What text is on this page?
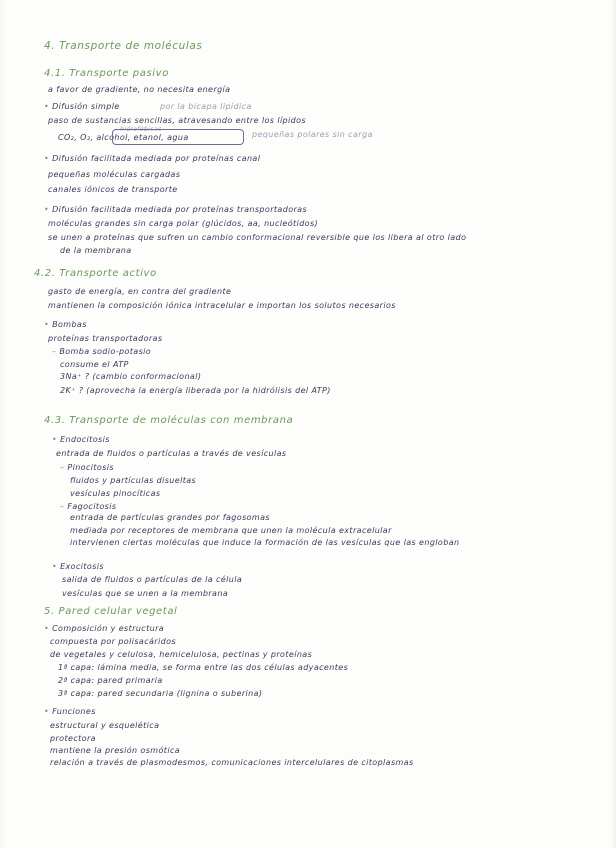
4. Transporte de moléculas
4.1. Transporte pasivo
a favor de gradiente, no necesita energía
• Difusión simple	por la bicapa lipídica
paso de sustancias sencillas, atravesando entre los lípidos
hidrofóbicas
CO₂, O₂, alcohol, etanol, agua	pequeñas polares sin carga
• Difusión facilitada mediada por proteínas canal
pequeñas moléculas cargadas
canales iónicos de transporte
• Difusión facilitada mediada por proteínas transportadoras
moléculas grandes sin carga polar (glúcidos, aa, nucleótidos)
se unen a proteínas que sufren un cambio conformacional reversible que los libera al otro lado
de la membrana
4.2. Transporte activo
gasto de energía, en contra del gradiente
mantienen la composición iónica intracelular e importan los solutos necesarios
• Bombas
proteínas transportadoras
– Bomba sodio-potasio
consume el ATP
3Na⁺ ? (cambio conformacional)
2K⁺ ? (aprovecha la energía liberada por la hidrólisis del ATP)
4.3. Transporte de moléculas con membrana
• Endocitosis
entrada de fluidos o partículas a través de vesículas
– Pinocitosis
fluidos y partículas disueltas
vesículas pinocíticas
– Fagocitosis
entrada de partículas grandes por fagosomas
mediada por receptores de membrana que unen la molécula extracelular
intervienen ciertas moléculas que induce la formación de las vesículas que las engloban
• Exocitosis
salida de fluidos o partículas de la célula
vesículas que se unen a la membrana
5. Pared celular vegetal
• Composición y estructura
compuesta por polisacáridos
de vegetales y celulosa, hemicelulosa, pectinas y proteínas
1ª capa: lámina media, se forma entre las dos células adyacentes
2ª capa: pared primaria
3ª capa: pared secundaria (lignina o suberina)
• Funciones
estructural y esquelética
protectora
mantiene la presión osmótica
relación a través de plasmodesmos, comunicaciones intercelulares de citoplasmas
